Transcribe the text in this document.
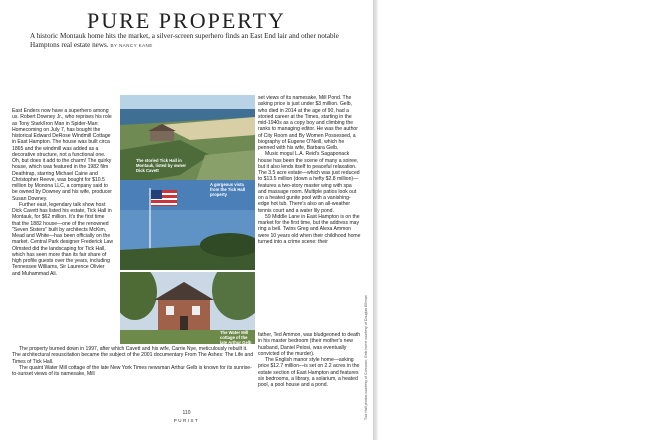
PURE PROPERTY
A historic Montauk home hits the market, a silver-screen superhero finds an East End lair and other notable Hamptons real estate news. BY NANCY KANE

East Enders now have a superhero among us. Robert Downey Jr., who reprises his role as Tony Stark/Iron Man in Spider-Man: Homecoming on July 7, has bought the historical Edward DeRose Windmill Cottage in East Hampton. The house was built circa 1865 and the windmill was added as a decorative structure, not a functional one. Oh, but does it add to the charm! The quirky house, which was featured in the 1982 film Deathtrap, starring Michael Caine and Christopher Reeve, was bought for $10.5 million by Monona LLC, a company said to be owned by Downey and his wife, producer Susan Downey.

Further east, legendary talk show host Dick Cavett has listed his estate, Tick Hall in Montauk, for $62 million. It's the first time that the 1882 house—one of the renowned "Seven Sisters" built by architects McKim, Mead and White—has been officially on the market. Central Park designer Frederick Law Olmsted did the landscaping for Tick Hall, which has seen more than its fair share of high profile guests over the years, including Tennessee Williams, Sir Laurence Olivier and Muhammad Ali.

The storied Tick Hall in Montauk, listed by owner Dick Cavett
A gorgeous vista from the Tick Hall property
The Water Mill cottage of the late Arthur Gelb

set views of its namesake, Mill Pond. The asking price is just under $3 million. Gelb, who died in 2014 at the age of 90, had a storied career at the Times, starting in the mid-1940s as a copy boy and climbing the ranks to managing editor. He was the author of City Room and By Women Possessed, a biography of Eugene O'Neill, which he penned with his wife, Barbara Gelb.

Music mogul L.A. Reid's Sagaponack house has been the scene of many a soiree, but it also lends itself to peaceful relaxation. The 3.5 acre estate—which was just reduced to $13.5 million (down a hefty $2.8 million)—features a two-story master wing with spa and massage room. Multiple patios look out on a heated gunite pool with a vanishing-edge hot tub. There's also an all-weather tennis court and a water lily pond.

59 Middle Lane in East Hampton is on the market for the first time, but the address may ring a bell. Twins Greg and Alexa Ammon were 10 years old when their childhood home turned into a crime scene: their

The property burned down in 1997, after which Cavett and his wife, Carrie Nye, meticulously rebuilt it. The architectural resuscitation became the subject of the 2001 documentary From The Ashes: The Life and Times of Tick Hall.

The quaint Water Mill cottage of the late New York Times newsman Arthur Gelb is known for its sunrise-to-sunset views of its namesake, Mill

father, Ted Ammon, was bludgeoned to death in his master bedroom (their mother's new husband, Daniel Pelosi, was eventually convicted of the murder).

The English manor style home—asking price $12.7 million—is set on 2.2 acres in the estate section of East Hampton and features six bedrooms, a library, a solarium, a heated pool, a pool house and a pond.	Tick Hall photos courtesy of Corcoran; Gelb home courtesy of Douglas Elliman
110
PURIST
